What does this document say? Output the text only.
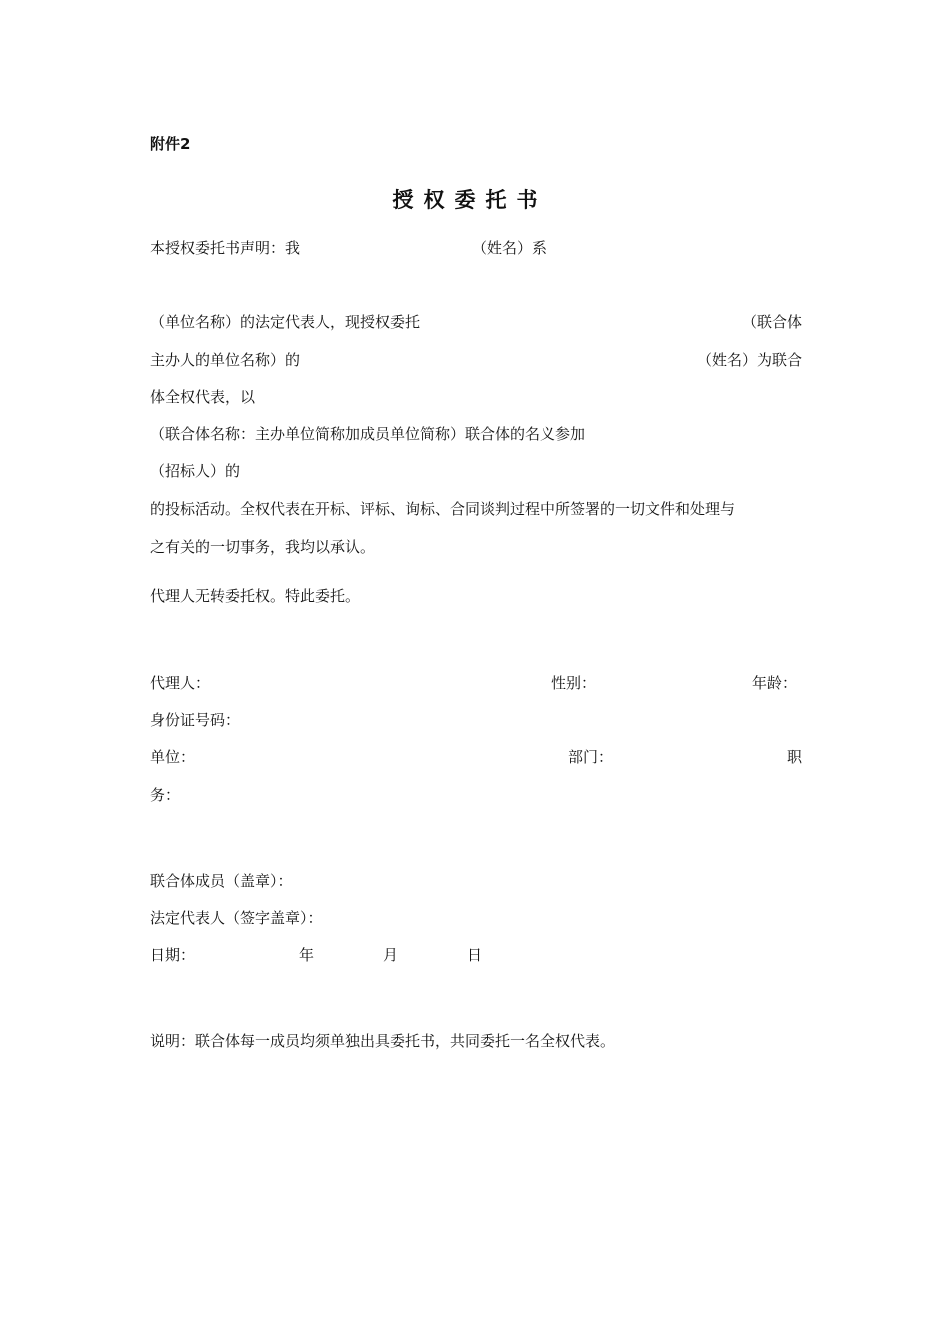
附件2
授权委托书
本授权委托书声明：我	（姓名）系
（单位名称）的法定代表人，现授权委托	（联合体
主办人的单位名称）的	（姓名）为联合
体全权代表，以
（联合体名称：主办单位简称加成员单位简称）联合体的名义参加
（招标人）的
的投标活动。全权代表在开标、评标、询标、合同谈判过程中所签署的一切文件和处理与
之有关的一切事务，我均以承认。
代理人无转委托权。特此委托。
代理人：	性别：	年龄：
身份证号码：
单位：	部门：	职
务：
联合体成员（盖章）：
法定代表人（签字盖章）：
日期：	年	月	日
说明：联合体每一成员均须单独出具委托书，共同委托一名全权代表。
